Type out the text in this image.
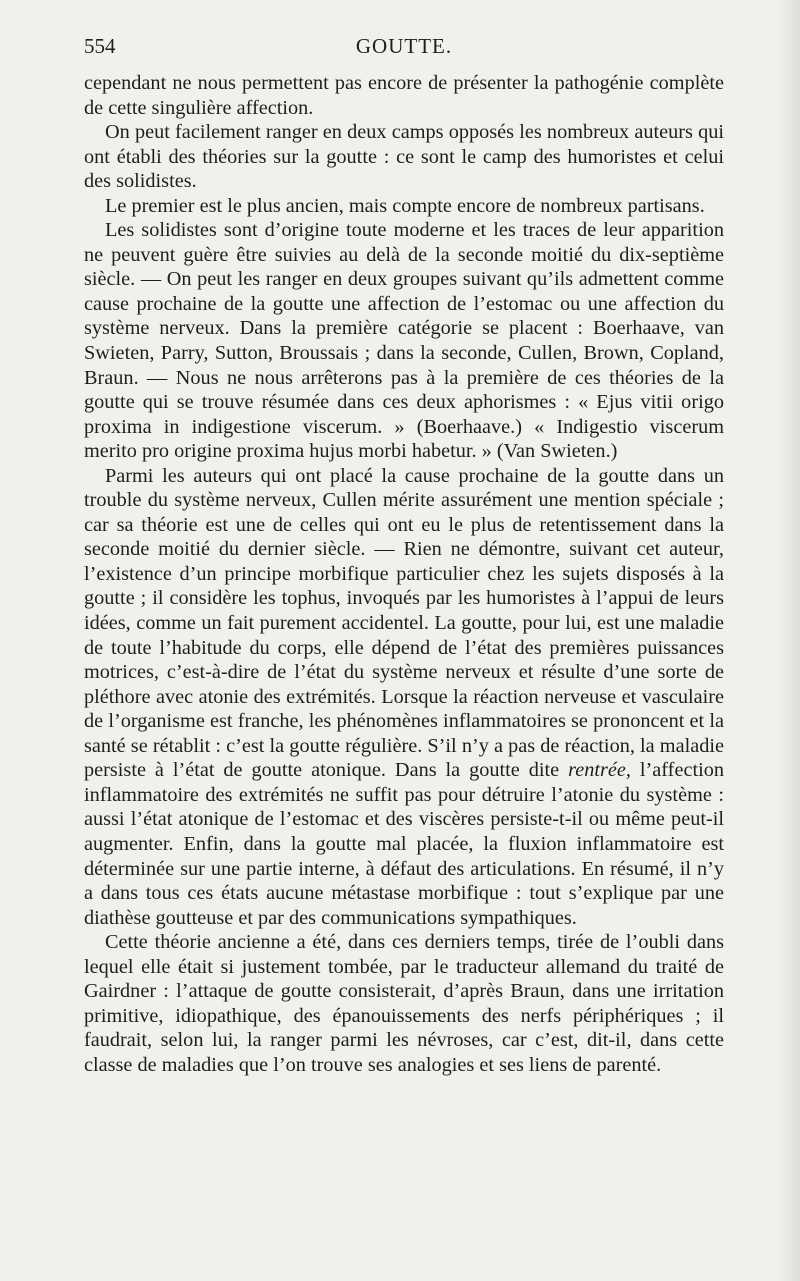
554	GOUTTE.

cependant ne nous permettent pas encore de présenter la pathogénie complète de cette singulière affection.

On peut facilement ranger en deux camps opposés les nombreux auteurs qui ont établi des théories sur la goutte : ce sont le camp des humoristes et celui des solidistes.

Le premier est le plus ancien, mais compte encore de nombreux partisans.

Les solidistes sont d’origine toute moderne et les traces de leur apparition ne peuvent guère être suivies au delà de la seconde moitié du dix-septième siècle. — On peut les ranger en deux groupes suivant qu’ils admettent comme cause prochaine de la goutte une affection de l’estomac ou une affection du système nerveux. Dans la première catégorie se placent : Boerhaave, van Swieten, Parry, Sutton, Broussais ; dans la seconde, Cullen, Brown, Copland, Braun. — Nous ne nous arrêterons pas à la première de ces théories de la goutte qui se trouve résumée dans ces deux aphorismes : « Ejus vitii origo proxima in indigestione viscerum. » (Boerhaave.) « Indigestio viscerum merito pro origine proxima hujus morbi habetur. » (Van Swieten.)

Parmi les auteurs qui ont placé la cause prochaine de la goutte dans un trouble du système nerveux, Cullen mérite assurément une mention spéciale ; car sa théorie est une de celles qui ont eu le plus de retentissement dans la seconde moitié du dernier siècle. — Rien ne démontre, suivant cet auteur, l’existence d’un principe morbifique particulier chez les sujets disposés à la goutte ; il considère les tophus, invoqués par les humoristes à l’appui de leurs idées, comme un fait purement accidentel. La goutte, pour lui, est une maladie de toute l’habitude du corps, elle dépend de l’état des premières puissances motrices, c’est-à-dire de l’état du système nerveux et résulte d’une sorte de pléthore avec atonie des extrémités. Lorsque la réaction nerveuse et vasculaire de l’organisme est franche, les phénomènes inflammatoires se prononcent et la santé se rétablit : c’est la goutte régulière. S’il n’y a pas de réaction, la maladie persiste à l’état de goutte atonique. Dans la goutte dite rentrée, l’affection inflammatoire des extrémités ne suffit pas pour détruire l’atonie du système : aussi l’état atonique de l’estomac et des viscères persiste-t-il ou même peut-il augmenter. Enfin, dans la goutte mal placée, la fluxion inflammatoire est déterminée sur une partie interne, à défaut des articulations. En résumé, il n’y a dans tous ces états aucune métastase morbifique : tout s’explique par une diathèse goutteuse et par des communications sympathiques.

Cette théorie ancienne a été, dans ces derniers temps, tirée de l’oubli dans lequel elle était si justement tombée, par le traducteur allemand du traité de Gairdner : l’attaque de goutte consisterait, d’après Braun, dans une irritation primitive, idiopathique, des épanouissements des nerfs périphériques ; il faudrait, selon lui, la ranger parmi les névroses, car c’est, dit-il, dans cette classe de maladies que l’on trouve ses analogies et ses liens de parenté.
